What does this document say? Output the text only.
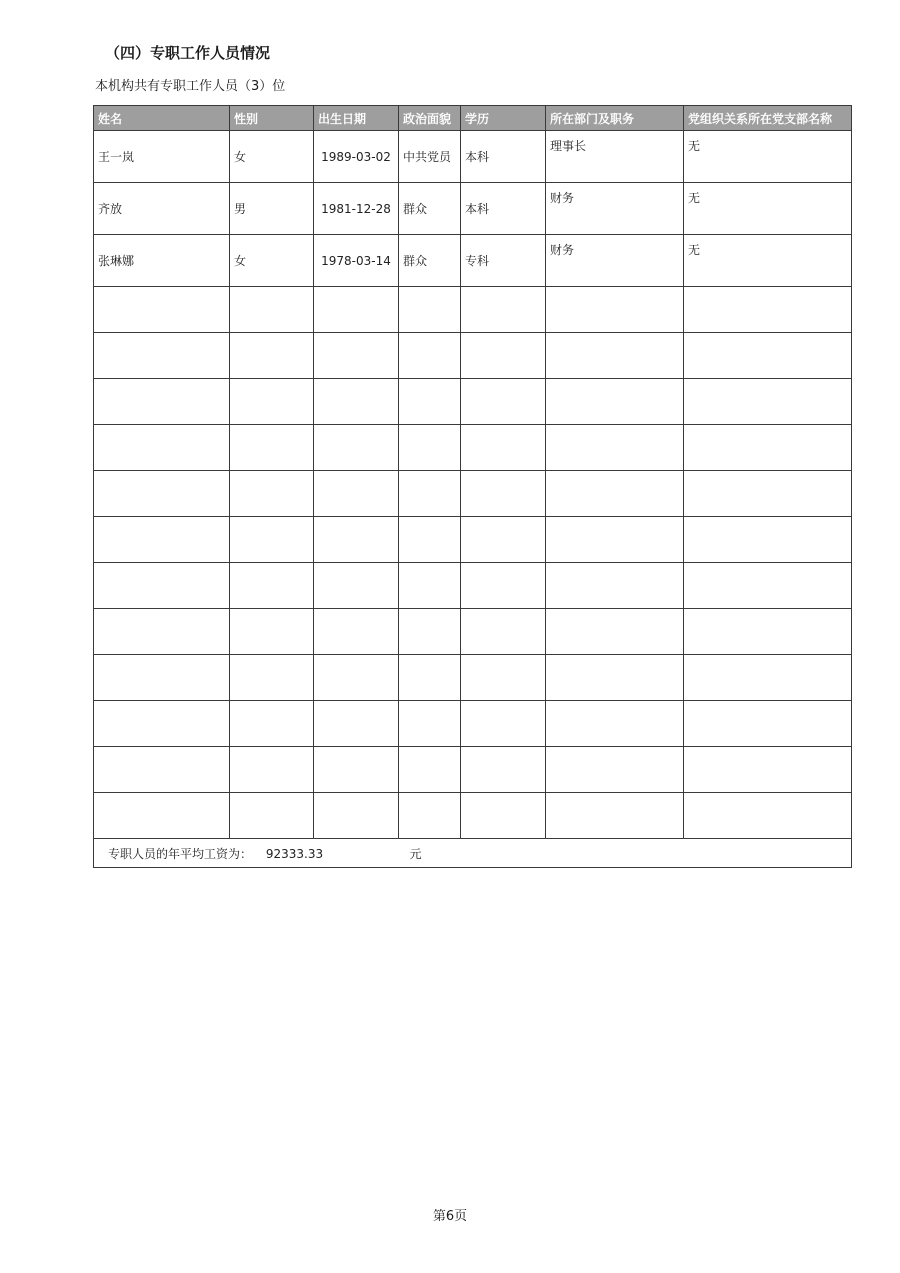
（四）专职工作人员情况
本机构共有专职工作人员（3）位
姓名	性别	出生日期	政治面貌	学历	所在部门及职务	党组织关系所在党支部名称
王一岚	女	1989-03-02	中共党员	本科	理事长	无
齐放	男	1981-12-28	群众	本科	财务	无
张琳娜	女	1978-03-14	群众	专科	财务	无

专职人员的年平均工资为： 92333.33 元						
第6页
